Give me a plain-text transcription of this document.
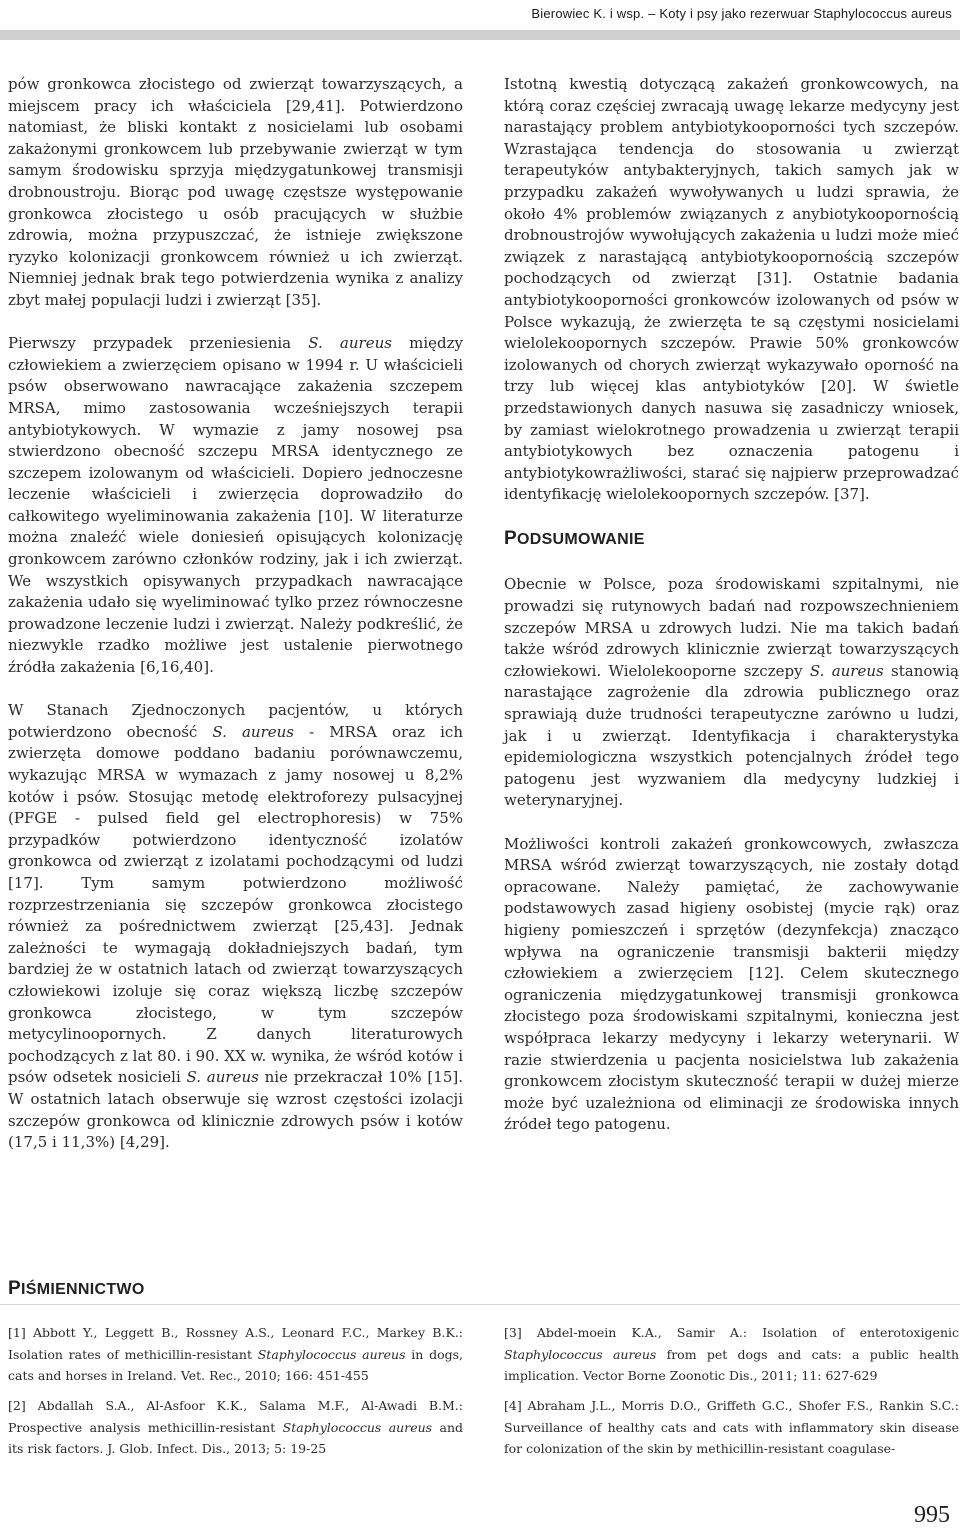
Bierowiec K. i wsp. – Koty i psy jako rezerwuar Staphylococcus aureus

pów gronkowca złocistego od zwierząt towarzyszących, a miejscem pracy ich właściciela [29,41]. Potwierdzono natomiast, że bliski kontakt z nosicielami lub osobami zakażonymi gronkowcem lub przebywanie zwierząt w tym samym środowisku sprzyja międzygatunkowej transmisji drobnoustroju. Biorąc pod uwagę częstsze występowanie gronkowca złocistego u osób pracujących w służbie zdrowia, można przypuszczać, że istnieje zwiększone ryzyko kolonizacji gronkowcem również u ich zwierząt. Niemniej jednak brak tego potwierdzenia wynika z analizy zbyt małej populacji ludzi i zwierząt [35].

Pierwszy przypadek przeniesienia S. aureus między człowiekiem a zwierzęciem opisano w 1994 r. U właścicieli psów obserwowano nawracające zakażenia szczepem MRSA, mimo zastosowania wcześniejszych terapii antybiotykowych. W wymazie z jamy nosowej psa stwierdzono obecność szczepu MRSA identycznego ze szczepem izolowanym od właścicieli. Dopiero jednoczesne leczenie właścicieli i zwierzęcia doprowadziło do całkowitego wyeliminowania zakażenia [10]. W literaturze można znaleźć wiele doniesień opisujących kolonizację gronkowcem zarówno członków rodziny, jak i ich zwierząt. We wszystkich opisywanych przypadkach nawracające zakażenia udało się wyeliminować tylko przez równoczesne prowadzone leczenie ludzi i zwierząt. Należy podkreślić, że niezwykle rzadko możliwe jest ustalenie pierwotnego źródła zakażenia [6,16,40].

W Stanach Zjednoczonych pacjentów, u których potwierdzono obecność S. aureus - MRSA oraz ich zwierzęta domowe poddano badaniu porównawczemu, wykazując MRSA w wymazach z jamy nosowej u 8,2% kotów i psów. Stosując metodę elektroforezy pulsacyjnej (PFGE - pulsed field gel electrophoresis) w 75% przypadków potwierdzono identyczność izolatów gronkowca od zwierząt z izolatami pochodzącymi od ludzi [17]. Tym samym potwierdzono możliwość rozprzestrzeniania się szczepów gronkowca złocistego również za pośrednictwem zwierząt [25,43]. Jednak zależności te wymagają dokładniejszych badań, tym bardziej że w ostatnich latach od zwierząt towarzyszących człowiekowi izoluje się coraz większą liczbę szczepów gronkowca złocistego, w tym szczepów metycylinoopornych. Z danych literaturowych pochodzących z lat 80. i 90. XX w. wynika, że wśród kotów i psów odsetek nosicieli S. aureus nie przekraczał 10% [15]. W ostatnich latach obserwuje się wzrost częstości izolacji szczepów gronkowca od klinicznie zdrowych psów i kotów (17,5 i 11,3%) [4,29].

Istotną kwestią dotyczącą zakażeń gronkowcowych, na którą coraz częściej zwracają uwagę lekarze medycyny jest narastający problem antybiotykooporności tych szczepów. Wzrastająca tendencja do stosowania u zwierząt terapeutyków antybakteryjnych, takich samych jak w przypadku zakażeń wywoływanych u ludzi sprawia, że około 4% problemów związanych z anybiotykoopornością drobnoustrojów wywołujących zakażenia u ludzi może mieć związek z narastającą antybiotykoopornością szczepów pochodzących od zwierząt [31]. Ostatnie badania antybiotykooporności gronkowców izolowanych od psów w Polsce wykazują, że zwierzęta te są częstymi nosicielami wielolekoopornych szczepów. Prawie 50% gronkowców izolowanych od chorych zwierząt wykazywało oporność na trzy lub więcej klas antybiotyków [20]. W świetle przedstawionych danych nasuwa się zasadniczy wniosek, by zamiast wielokrotnego prowadzenia u zwierząt terapii antybiotykowych bez oznaczenia patogenu i antybiotykowrażliwości, starać się najpierw przeprowadzać identyfikację wielolekoopornych szczepów. [37].

PODSUMOWANIE

Obecnie w Polsce, poza środowiskami szpitalnymi, nie prowadzi się rutynowych badań nad rozpowszechnieniem szczepów MRSA u zdrowych ludzi. Nie ma takich badań także wśród zdrowych klinicznie zwierząt towarzyszących człowiekowi. Wielolekooporne szczepy S. aureus stanowią narastające zagrożenie dla zdrowia publicznego oraz sprawiają duże trudności terapeutyczne zarówno u ludzi, jak i u zwierząt. Identyfikacja i charakterystyka epidemiologiczna wszystkich potencjalnych źródeł tego patogenu jest wyzwaniem dla medycyny ludzkiej i weterynaryjnej.

Możliwości kontroli zakażeń gronkowcowych, zwłaszcza MRSA wśród zwierząt towarzyszących, nie zostały dotąd opracowane. Należy pamiętać, że zachowywanie podstawowych zasad higieny osobistej (mycie rąk) oraz higieny pomieszczeń i sprzętów (dezynfekcja) znacząco wpływa na ograniczenie transmisji bakterii między człowiekiem a zwierzęciem [12]. Celem skutecznego ograniczenia międzygatunkowej transmisji gronkowca złocistego poza środowiskami szpitalnymi, konieczna jest współpraca lekarzy medycyny i lekarzy weterynarii. W razie stwierdzenia u pacjenta nosicielstwa lub zakażenia gronkowcem złocistym skuteczność terapii w dużej mierze może być uzależniona od eliminacji ze środowiska innych źródeł tego patogenu.

PIŚMIENNICTWO
[1] Abbott Y., Leggett B., Rossney A.S., Leonard F.C., Markey B.K.: Isolation rates of methicillin-resistant Staphylococcus aureus in dogs, cats and horses in Ireland. Vet. Rec., 2010; 166: 451-455
[2] Abdallah S.A., Al-Asfoor K.K., Salama M.F., Al-Awadi B.M.: Prospective analysis methicillin-resistant Staphylococcus aureus and its risk factors. J. Glob. Infect. Dis., 2013; 5: 19-25
[3] Abdel-moein K.A., Samir A.: Isolation of enterotoxigenic Staphylococcus aureus from pet dogs and cats: a public health implication. Vector Borne Zoonotic Dis., 2011; 11: 627-629
[4] Abraham J.L., Morris D.O., Griffeth G.C., Shofer F.S., Rankin S.C.: Surveillance of healthy cats and cats with inflammatory skin disease for colonization of the skin by methicillin-resistant coagulase-
995
